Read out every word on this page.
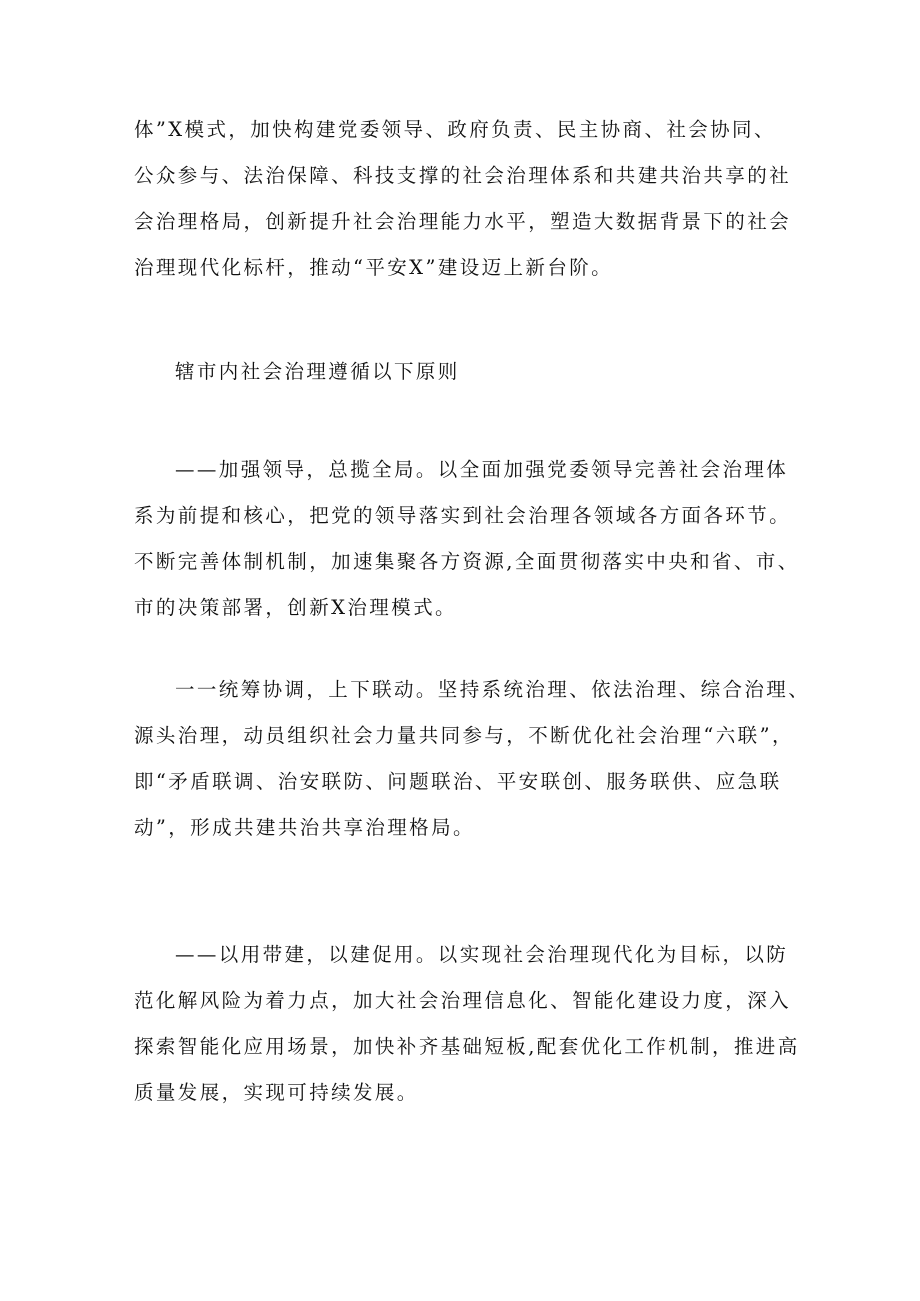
体”X模式，加快构建党委领导、政府负责、民主协商、社会协同、
公众参与、法治保障、科技支撑的社会治理体系和共建共治共享的社
会治理格局，创新提升社会治理能力水平，塑造大数据背景下的社会
治理现代化标杆，推动“平安X”建设迈上新台阶。
辖市内社会治理遵循以下原则
——加强领导，总揽全局。以全面加强党委领导完善社会治理体
系为前提和核心，把党的领导落实到社会治理各领域各方面各环节。
不断完善体制机制，加速集聚各方资源,全面贯彻落实中央和省、市、
市的决策部署，创新X治理模式。
一一统筹协调，上下联动。坚持系统治理、依法治理、综合治理、
源头治理，动员组织社会力量共同参与，不断优化社会治理“六联”，
即“矛盾联调、治安联防、问题联治、平安联创、服务联供、应急联
动”，形成共建共治共享治理格局。
——以用带建，以建促用。以实现社会治理现代化为目标，以防
范化解风险为着力点，加大社会治理信息化、智能化建设力度，深入
探索智能化应用场景，加快补齐基础短板,配套优化工作机制，推进高
质量发展，实现可持续发展。
